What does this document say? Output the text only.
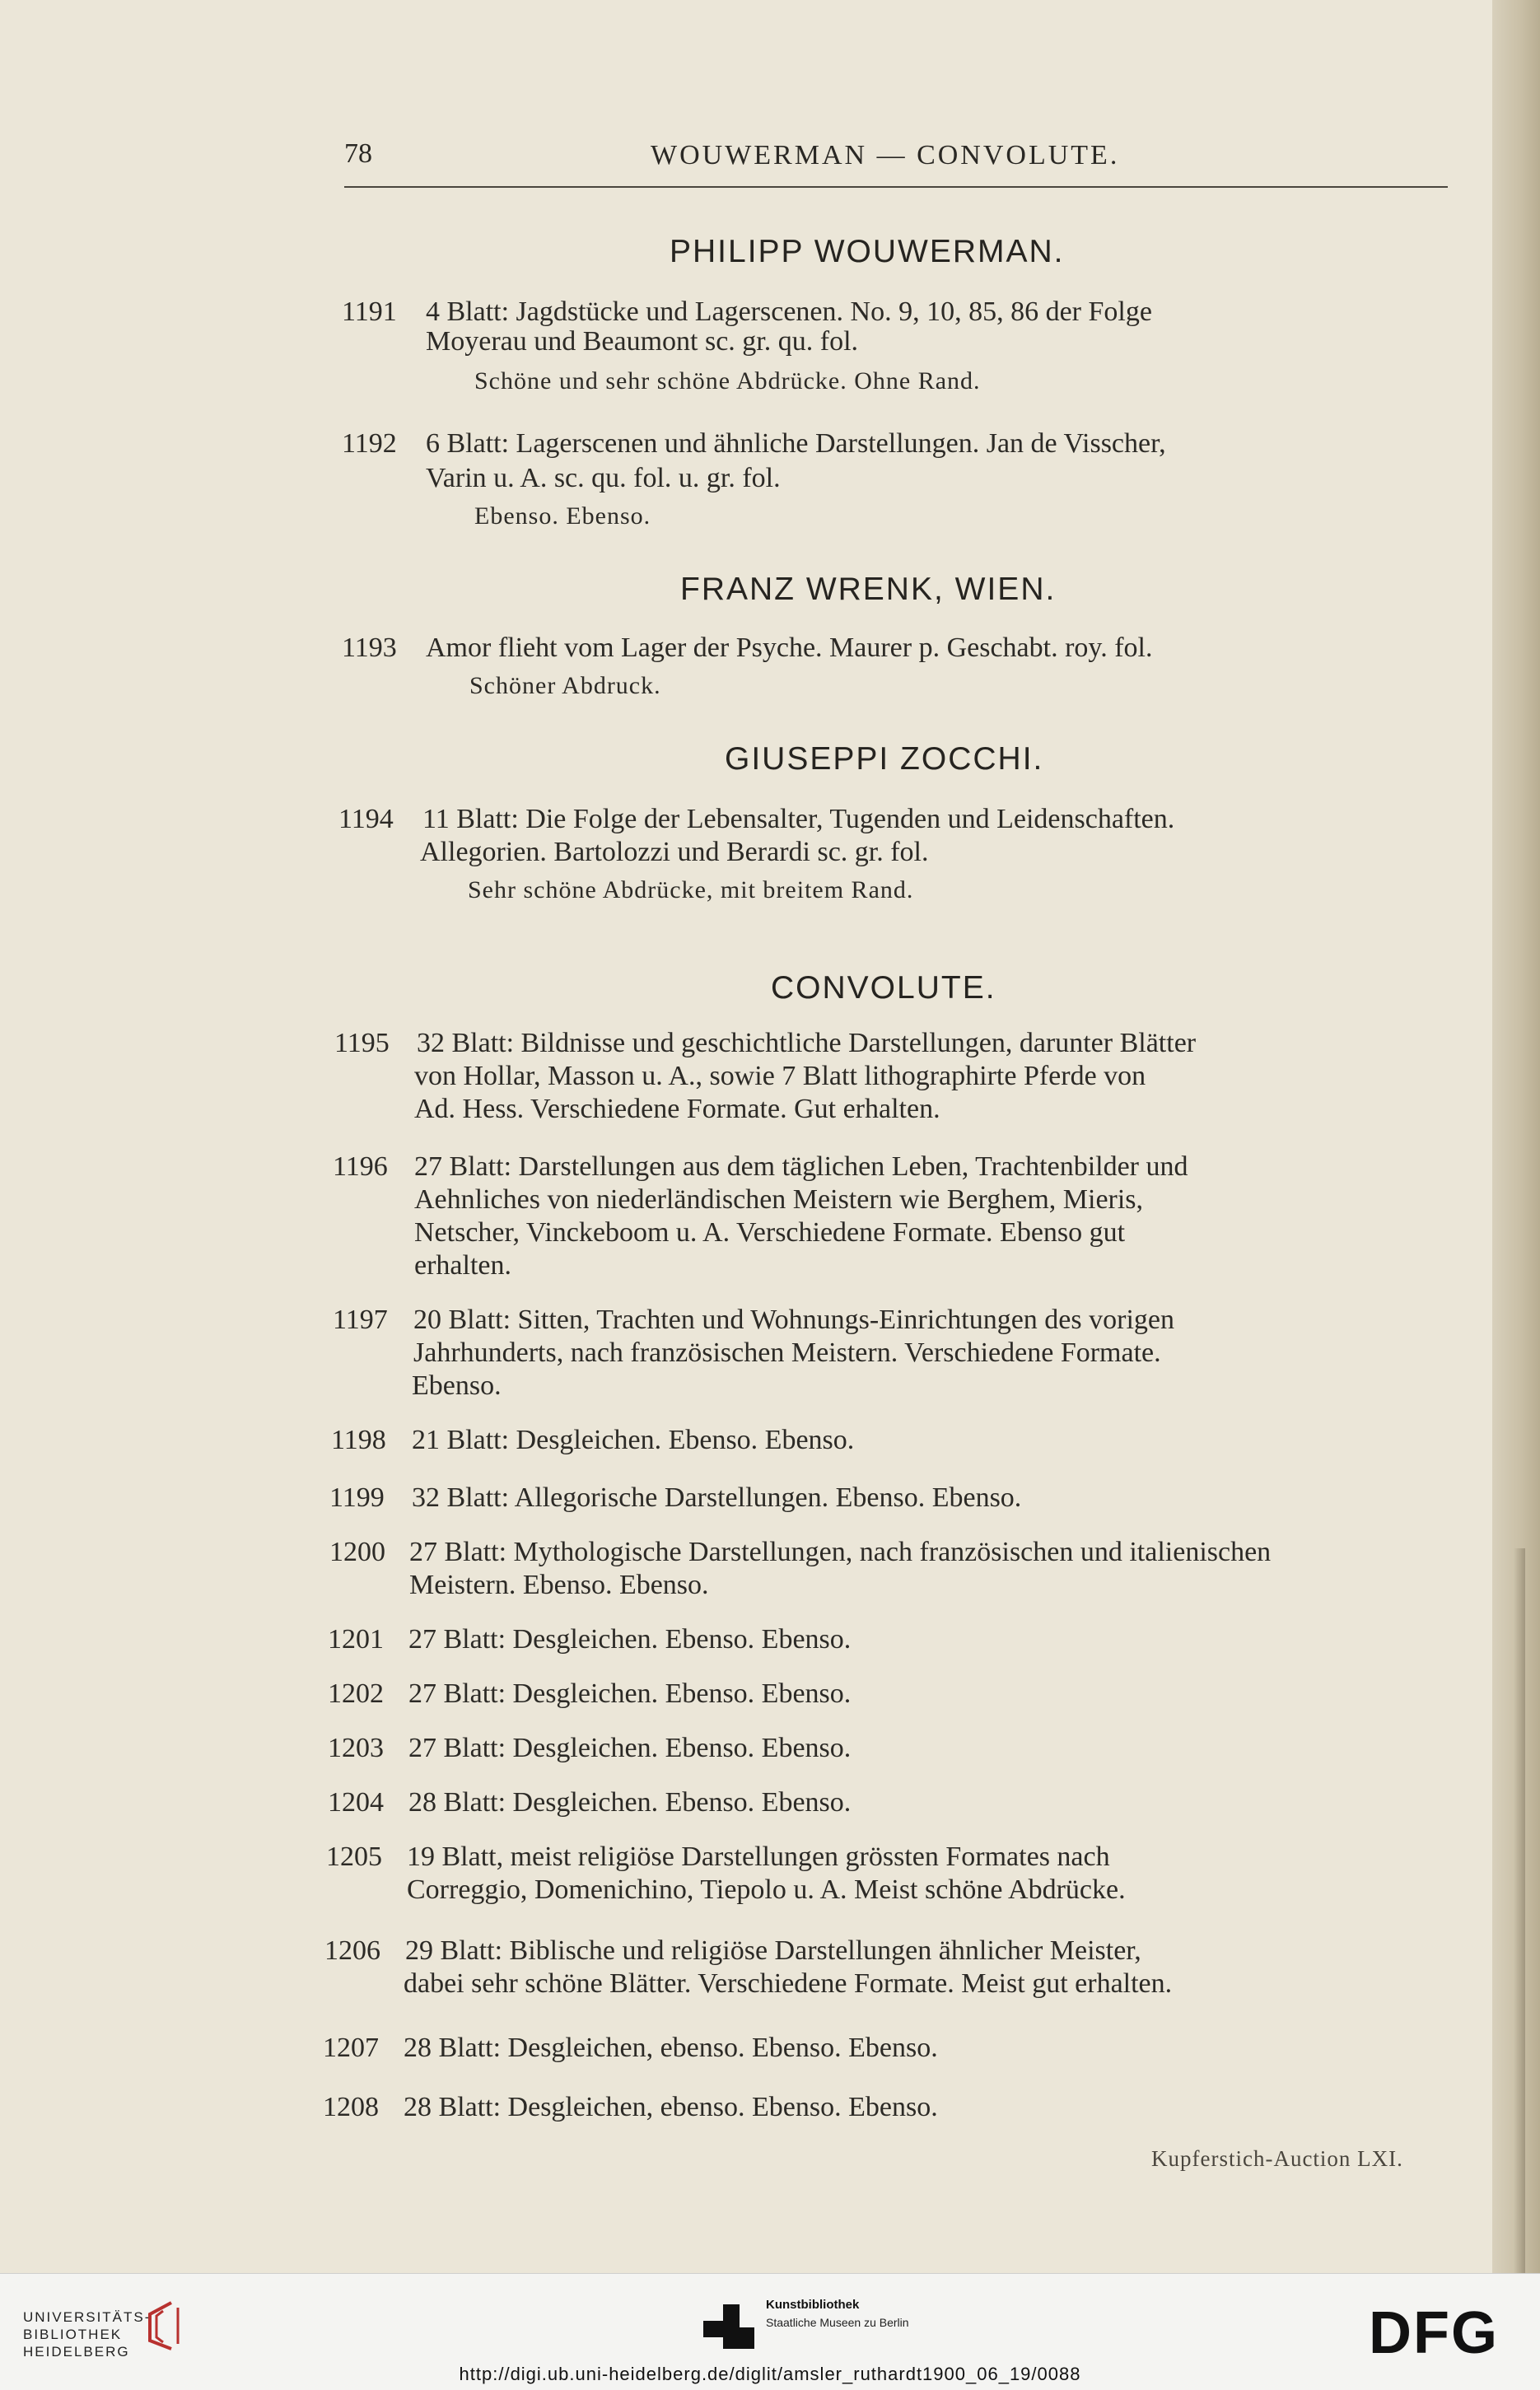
78	WOUWERMAN — CONVOLUTE.
PHILIPP WOUWERMAN.
1191 4 Blatt: Jagdstücke und Lagerscenen. No. 9, 10, 85, 86 der Folge
Moyerau und Beaumont sc. gr. qu. fol.
Schöne und sehr schöne Abdrücke. Ohne Rand.
1192 6 Blatt: Lagerscenen und ähnliche Darstellungen. Jan de Visscher,
Varin u. A. sc. qu. fol. u. gr. fol.
Ebenso. Ebenso.
FRANZ WRENK, WIEN.
1193 Amor flieht vom Lager der Psyche. Maurer p. Geschabt. roy. fol.
Schöner Abdruck.
GIUSEPPI ZOCCHI.
1194 11 Blatt: Die Folge der Lebensalter, Tugenden und Leidenschaften.
Allegorien. Bartolozzi und Berardi sc. gr. fol.
Sehr schöne Abdrücke, mit breitem Rand.
CONVOLUTE.
1195 32 Blatt: Bildnisse und geschichtliche Darstellungen, darunter Blätter
von Hollar, Masson u. A., sowie 7 Blatt lithographirte Pferde von
Ad. Hess. Verschiedene Formate. Gut erhalten.
1196 27 Blatt: Darstellungen aus dem täglichen Leben, Trachtenbilder und
Aehnliches von niederländischen Meistern wie Berghem, Mieris,
Netscher, Vinckeboom u. A. Verschiedene Formate. Ebenso gut
erhalten.
1197 20 Blatt: Sitten, Trachten und Wohnungs-Einrichtungen des vorigen
Jahrhunderts, nach französischen Meistern. Verschiedene Formate.
Ebenso.
1198 21 Blatt: Desgleichen. Ebenso. Ebenso.
1199 32 Blatt: Allegorische Darstellungen. Ebenso. Ebenso.
1200 27 Blatt: Mythologische Darstellungen, nach französischen und italienischen
Meistern. Ebenso. Ebenso.
1201 27 Blatt: Desgleichen. Ebenso. Ebenso.
1202 27 Blatt: Desgleichen. Ebenso. Ebenso.
1203 27 Blatt: Desgleichen. Ebenso. Ebenso.
1204 28 Blatt: Desgleichen. Ebenso. Ebenso.
1205 19 Blatt, meist religiöse Darstellungen grössten Formates nach
Correggio, Domenichino, Tiepolo u. A. Meist schöne Abdrücke.
1206 29 Blatt: Biblische und religiöse Darstellungen ähnlicher Meister,
dabei sehr schöne Blätter. Verschiedene Formate. Meist gut erhalten.
1207 28 Blatt: Desgleichen, ebenso. Ebenso. Ebenso.
1208 28 Blatt: Desgleichen, ebenso. Ebenso. Ebenso.
Kupferstich-Auction LXI.
UNIVERSITÄTS-
BIBLIOTHEK
HEIDELBERG
Kunstbibliothek
Staatliche Museen zu Berlin	DFG
http://digi.ub.uni-heidelberg.de/diglit/amsler_ruthardt1900_06_19/0088
